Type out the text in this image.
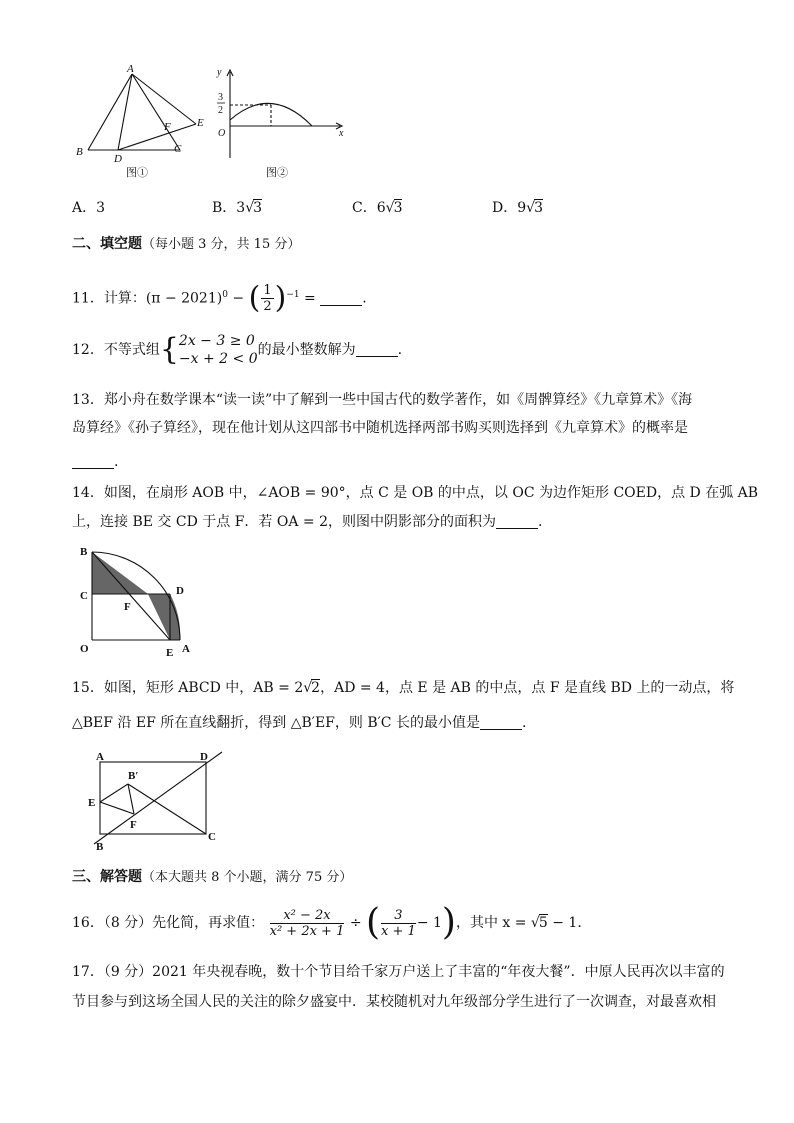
A
B	C
D
E
F
图①
y
x
O
3
2
图②
A．3	B．3√3	C．6√3	D．9√3
二、填空题（每小题 3 分，共 15 分）
11．计算：$(\pi - 2021)^0$ − ( $\frac{1}{2} )^{-1}$ =	.
12．不等式组{ 2x − 3 ≥ 0
−x + 2 < 0
的最小整数解为	.
13．郑小舟在数学课本“读一读”中了解到一些中国古代的数学著作，如《周髀算经》《九章算术》《海
岛算经》《孙子算经》，现在他计划从这四部书中随机选择两部书购买则选择到《九章算术》的概率是
.
14．如图，在扇形 AOB 中，∠AOB = 90°，点 C 是 OB 的中点，以 OC 为边作矩形 COED，点 D 在弧 AB
上，连接 BE 交 CD 于点 F．若 OA = 2，则图中阴影部分的面积为	.
B
C
F
D
O	E A
15．如图，矩形 ABCD 中，AB = 2√2，AD = 4，点 E 是 AB 的中点，点 F 是直线 BD 上的一动点，将
△BEF 沿 EF 所在直线翻折，得到 △B′EF，则 B′C 长的最小值是	.
A	D
B′
E
F
B
C
三、解答题（本大题共 8 个小题，满分 75 分）
16．（8 分）先化简，再求值： $\frac{\text{x² − 2x}}{\text{x² + 2x + 1}}$ ÷ ( $\frac{3}{x + 1} - 1$)，其中 x = √5 − 1．
17．（9 分）2021 年央视春晚，数十个节目给千家万户送上了丰富的“年夜大餐”．中原人民再次以丰富的
节目参与到这场全国人民的关注的除夕盛宴中．某校随机对九年级部分学生进行了一次调查，对最喜欢相
